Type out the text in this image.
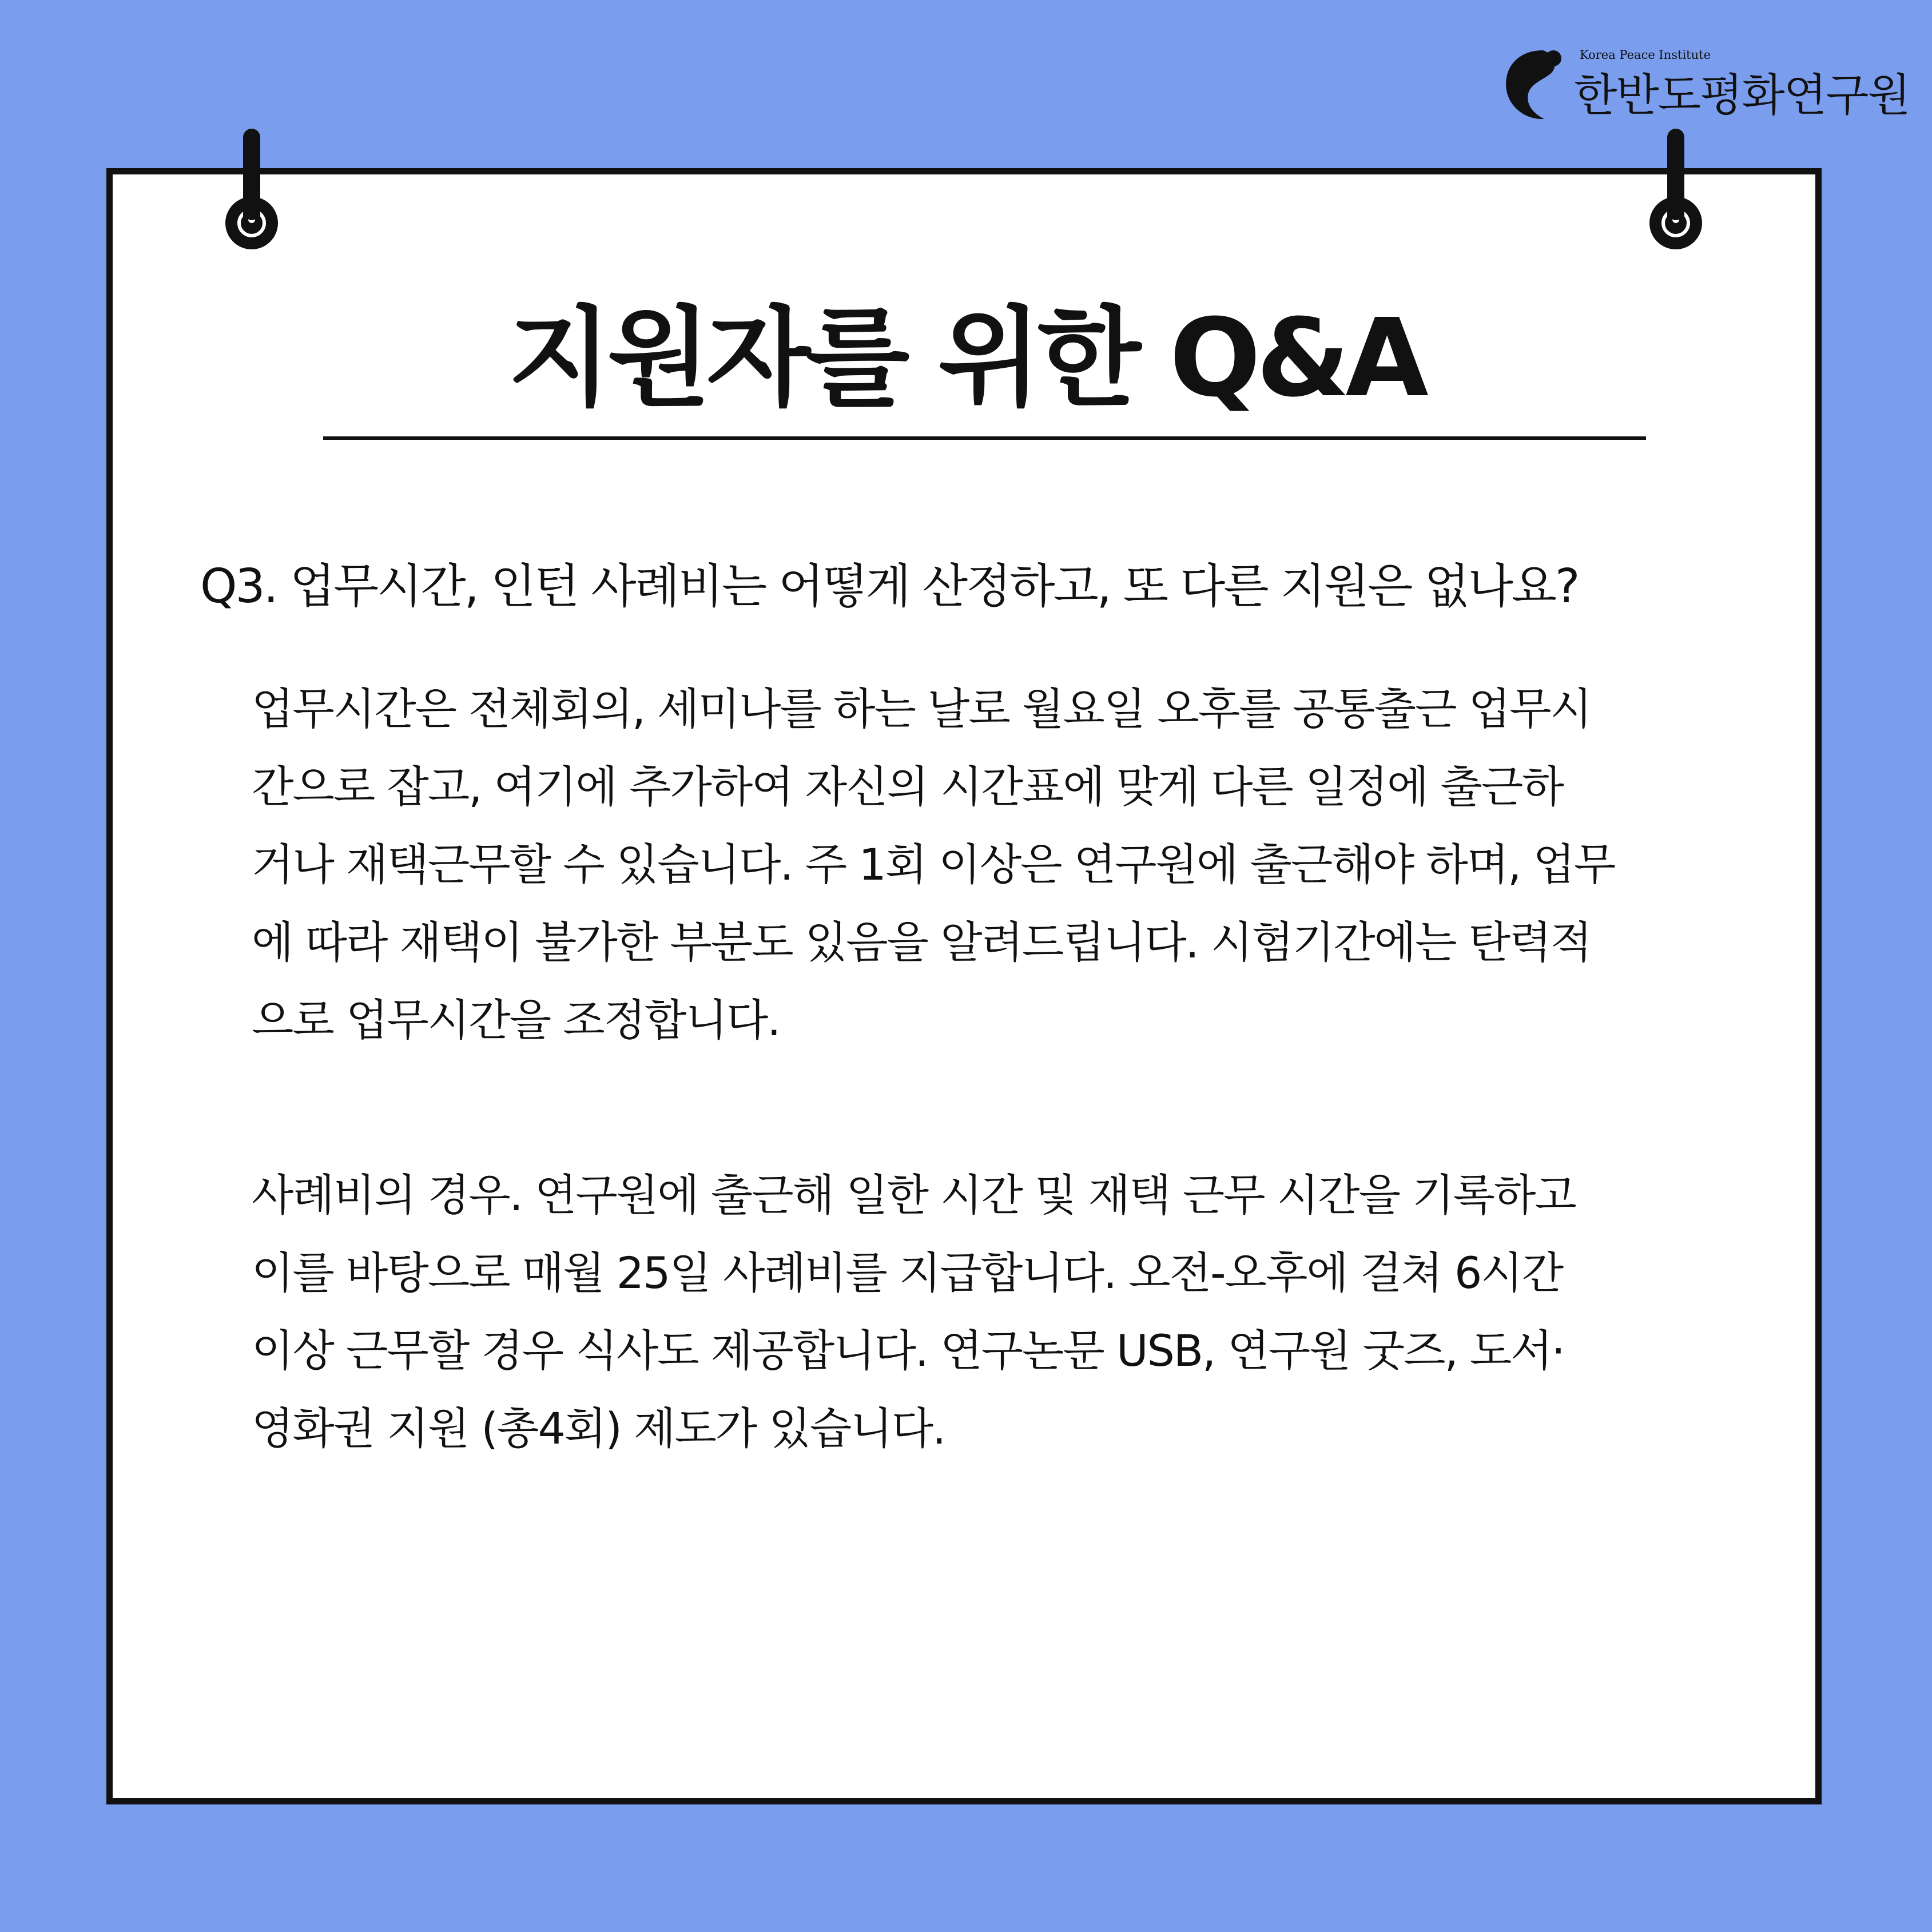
Korea Peace Institute
한반도평화연구원
지원자를 위한 Q&A
Q3. 업무시간, 인턴 사례비는 어떻게 산정하고, 또 다른 지원은 없나요?
업무시간은 전체회의, 세미나를 하는 날로 월요일 오후를 공통출근 업무시
간으로 잡고, 여기에 추가하여 자신의 시간표에 맞게 다른 일정에 출근하
거나 재택근무할 수 있습니다. 주 1회 이상은 연구원에 출근해야 하며, 업무
에 따라 재택이 불가한 부분도 있음을 알려드립니다. 시험기간에는 탄력적
으로 업무시간을 조정합니다.
사례비의 경우. 연구원에 출근해 일한 시간 및 재택 근무 시간을 기록하고
이를 바탕으로 매월 25일 사례비를 지급합니다. 오전-오후에 걸쳐 6시간
이상 근무할 경우 식사도 제공합니다. 연구논문 USB, 연구원 굿즈, 도서·
영화권 지원 (총4회) 제도가 있습니다.
